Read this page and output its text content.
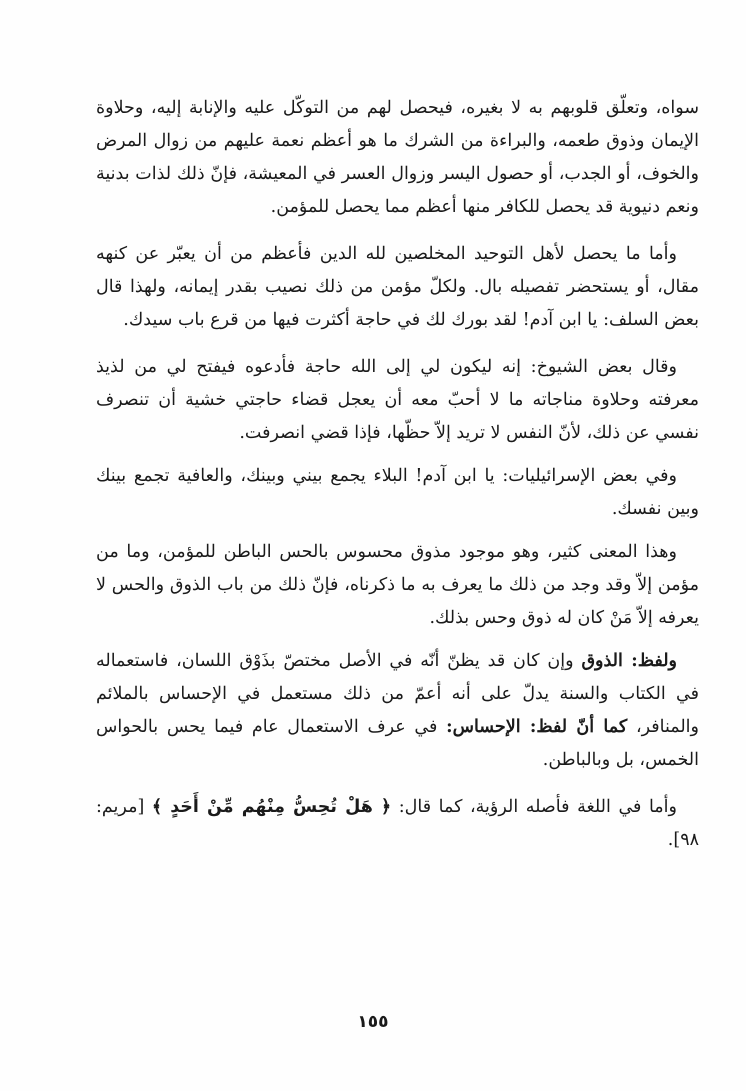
سواه، وتعلّق قلوبهم به لا بغيره، فيحصل لهم من التوكّل عليه والإنابة إليه، وحلاوة الإيمان وذوق طعمه، والبراءة من الشرك ما هو أعظم نعمة عليهم من زوال المرض والخوف، أو الجدب، أو حصول اليسر وزوال العسر في المعيشة، فإنّ ذلك لذات بدنية ونعم دنيوية قد يحصل للكافر منها أعظم مما يحصل للمؤمن.

وأما ما يحصل لأهل التوحيد المخلصين لله الدين فأعظم من أن يعبّر عن كنهه مقال، أو يستحضر تفصيله بال. ولكلّ مؤمن من ذلك نصيب بقدر إيمانه، ولهذا قال بعض السلف: يا ابن آدم! لقد بورك لك في حاجة أكثرت فيها من قرع باب سيدك.

وقال بعض الشيوخ: إنه ليكون لي إلى الله حاجة فأدعوه فيفتح لي من لذيذ معرفته وحلاوة مناجاته ما لا أحبّ معه أن يعجل قضاء حاجتي خشية أن تنصرف نفسي عن ذلك، لأنّ النفس لا تريد إلاّ حظّها، فإذا قضي انصرفت.

وفي بعض الإسرائيليات: يا ابن آدم! البلاء يجمع بيني وبينك، والعافية تجمع بينك وبين نفسك.

وهذا المعنى كثير، وهو موجود مذوق محسوس بالحس الباطن للمؤمن، وما من مؤمن إلاّ وقد وجد من ذلك ما يعرف به ما ذكرناه، فإنّ ذلك من باب الذوق والحس لا يعرفه إلاّ مَنْ كان له ذوق وحس بذلك.

ولفظ: الذوق وإن كان قد يظنّ أنّه في الأصل مختصّ بذَوْق اللسان، فاستعماله في الكتاب والسنة يدلّ على أنه أعمّ من ذلك مستعمل في الإحساس بالملائم والمنافر، كما أنّ لفظ: الإحساس: في عرف الاستعمال عام فيما يحس بالحواس الخمس، بل وبالباطن.

وأما في اللغة فأصله الرؤية، كما قال: ﴿ هَلْ تُحِسُّ مِنْهُم مِّنْ أَحَدٍ ﴾ [مريم: ٩٨].

١٥٥
